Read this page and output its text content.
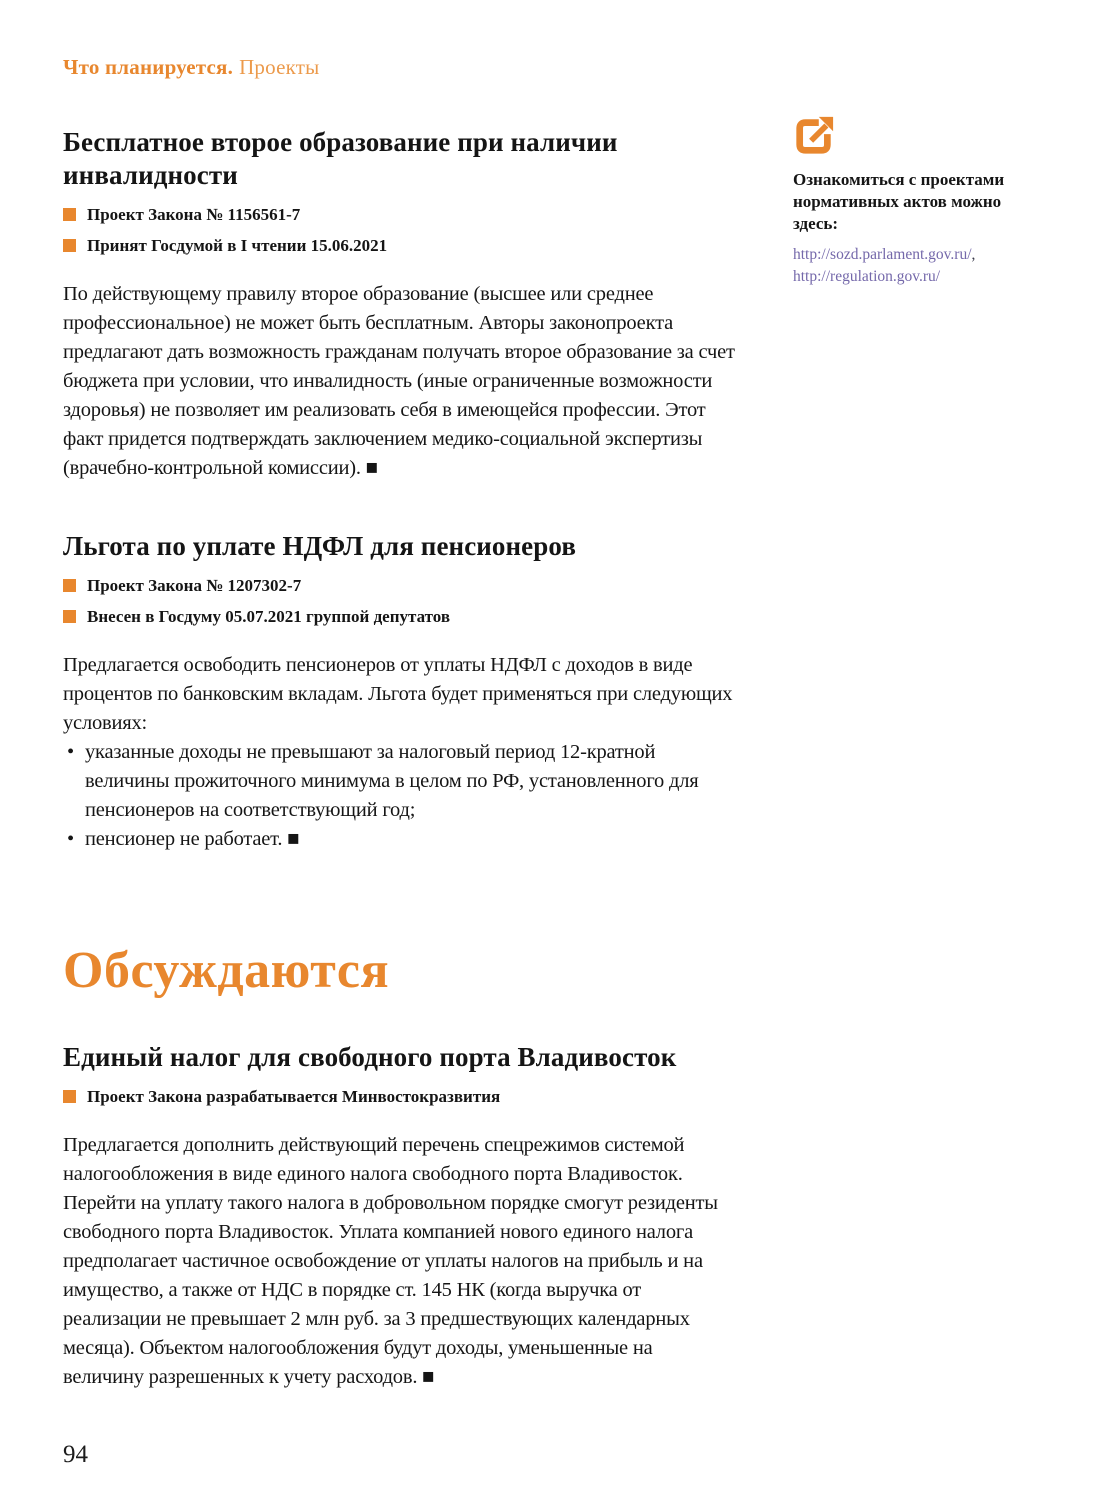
Что планируется. Проекты
Бесплатное второе образование при наличии инвалидности
Проект Закона № 1156561-7
Принят Госдумой в I чтении 15.06.2021

По действующему правилу второе образование (высшее или среднее профессиональное) не может быть бесплатным. Авторы законопроекта предлагают дать возможность гражданам получать второе образование за счет бюджета при условии, что инвалидность (иные ограниченные возможности здоровья) не позволяет им реализовать себя в имеющейся профессии. Этот факт придется подтверждать заключением медико-социальной экспертизы (врачебно-контрольной комиссии). ■

Льгота по уплате НДФЛ для пенсионеров
Проект Закона № 1207302-7
Внесен в Госдуму 05.07.2021 группой депутатов

Предлагается освободить пенсионеров от уплаты НДФЛ с доходов в виде процентов по банковским вкладам. Льгота будет применяться при следующих условиях:

• указанные доходы не превышают за налоговый период 12-кратной величины прожиточного минимума в целом по РФ, установленного для пенсионеров на соответствующий год;
• пенсионер не работает. ■
Обсуждаются
Единый налог для свободного порта Владивосток
Проект Закона разрабатывается Минвостокразвития

Предлагается дополнить действующий перечень спецрежимов системой налогообложения в виде единого налога свободного порта Владивосток. Перейти на уплату такого налога в добровольном порядке смогут резиденты свободного порта Владивосток. Уплата компанией нового единого налога предполагает частичное освобождение от уплаты налогов на прибыль и на имущество, а также от НДС в порядке ст. 145 НК (когда выручка от реализации не превышает 2 млн руб. за 3 предшествующих календарных месяца). Объектом налогообложения будут доходы, уменьшенные на величину разрешенных к учету расходов. ■

Ознакомиться с проектами нормативных актов можно здесь:
http://sozd.parlament.gov.ru/,
http://regulation.gov.ru/
94
